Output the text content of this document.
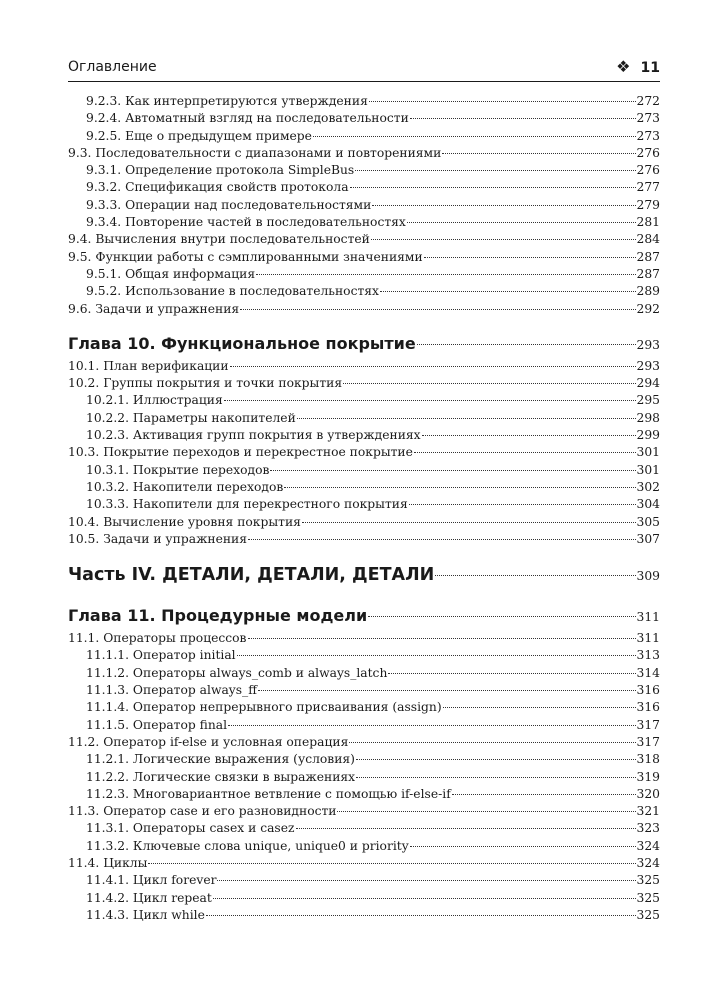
Оглавление	❖ 11
9.2.3. Как интерпретируются утверждения	272
9.2.4. Автоматный взгляд на последовательности	273
9.2.5. Еще о предыдущем примере	273
9.3. Последовательности с диапазонами и повторениями	276
9.3.1. Определение протокола SimpleBus	276
9.3.2. Спецификация свойств протокола	277
9.3.3. Операции над последовательностями	279
9.3.4. Повторение частей в последовательностях	281
9.4. Вычисления внутри последовательностей	284
9.5. Функции работы с сэмплированными значениями	287
9.5.1. Общая информация	287
9.5.2. Использование в последовательностях	289
9.6. Задачи и упражнения	292
Глава 10. Функциональное покрытие	293
10.1. План верификации	293
10.2. Группы покрытия и точки покрытия	294
10.2.1. Иллюстрация	295
10.2.2. Параметры накопителей	298
10.2.3. Активация групп покрытия в утверждениях	299
10.3. Покрытие переходов и перекрестное покрытие	301
10.3.1. Покрытие переходов	301
10.3.2. Накопители переходов	302
10.3.3. Накопители для перекрестного покрытия	304
10.4. Вычисление уровня покрытия	305
10.5. Задачи и упражнения	307
Часть IV. ДЕТАЛИ, ДЕТАЛИ, ДЕТАЛИ	309
Глава 11. Процедурные модели	311
11.1. Операторы процессов	311
11.1.1. Оператор initial	313
11.1.2. Операторы always_comb и always_latch	314
11.1.3. Оператор always_ff	316
11.1.4. Оператор непрерывного присваивания (assign)	316
11.1.5. Оператор final	317
11.2. Оператор if-else и условная операция	317
11.2.1. Логические выражения (условия)	318
11.2.2. Логические связки в выражениях	319
11.2.3. Многовариантное ветвление с помощью if-else-if	320
11.3. Оператор case и его разновидности	321
11.3.1. Операторы casex и casez	323
11.3.2. Ключевые слова unique, unique0 и priority	324
11.4. Циклы	324
11.4.1. Цикл forever	325
11.4.2. Цикл repeat	325
11.4.3. Цикл while	325
